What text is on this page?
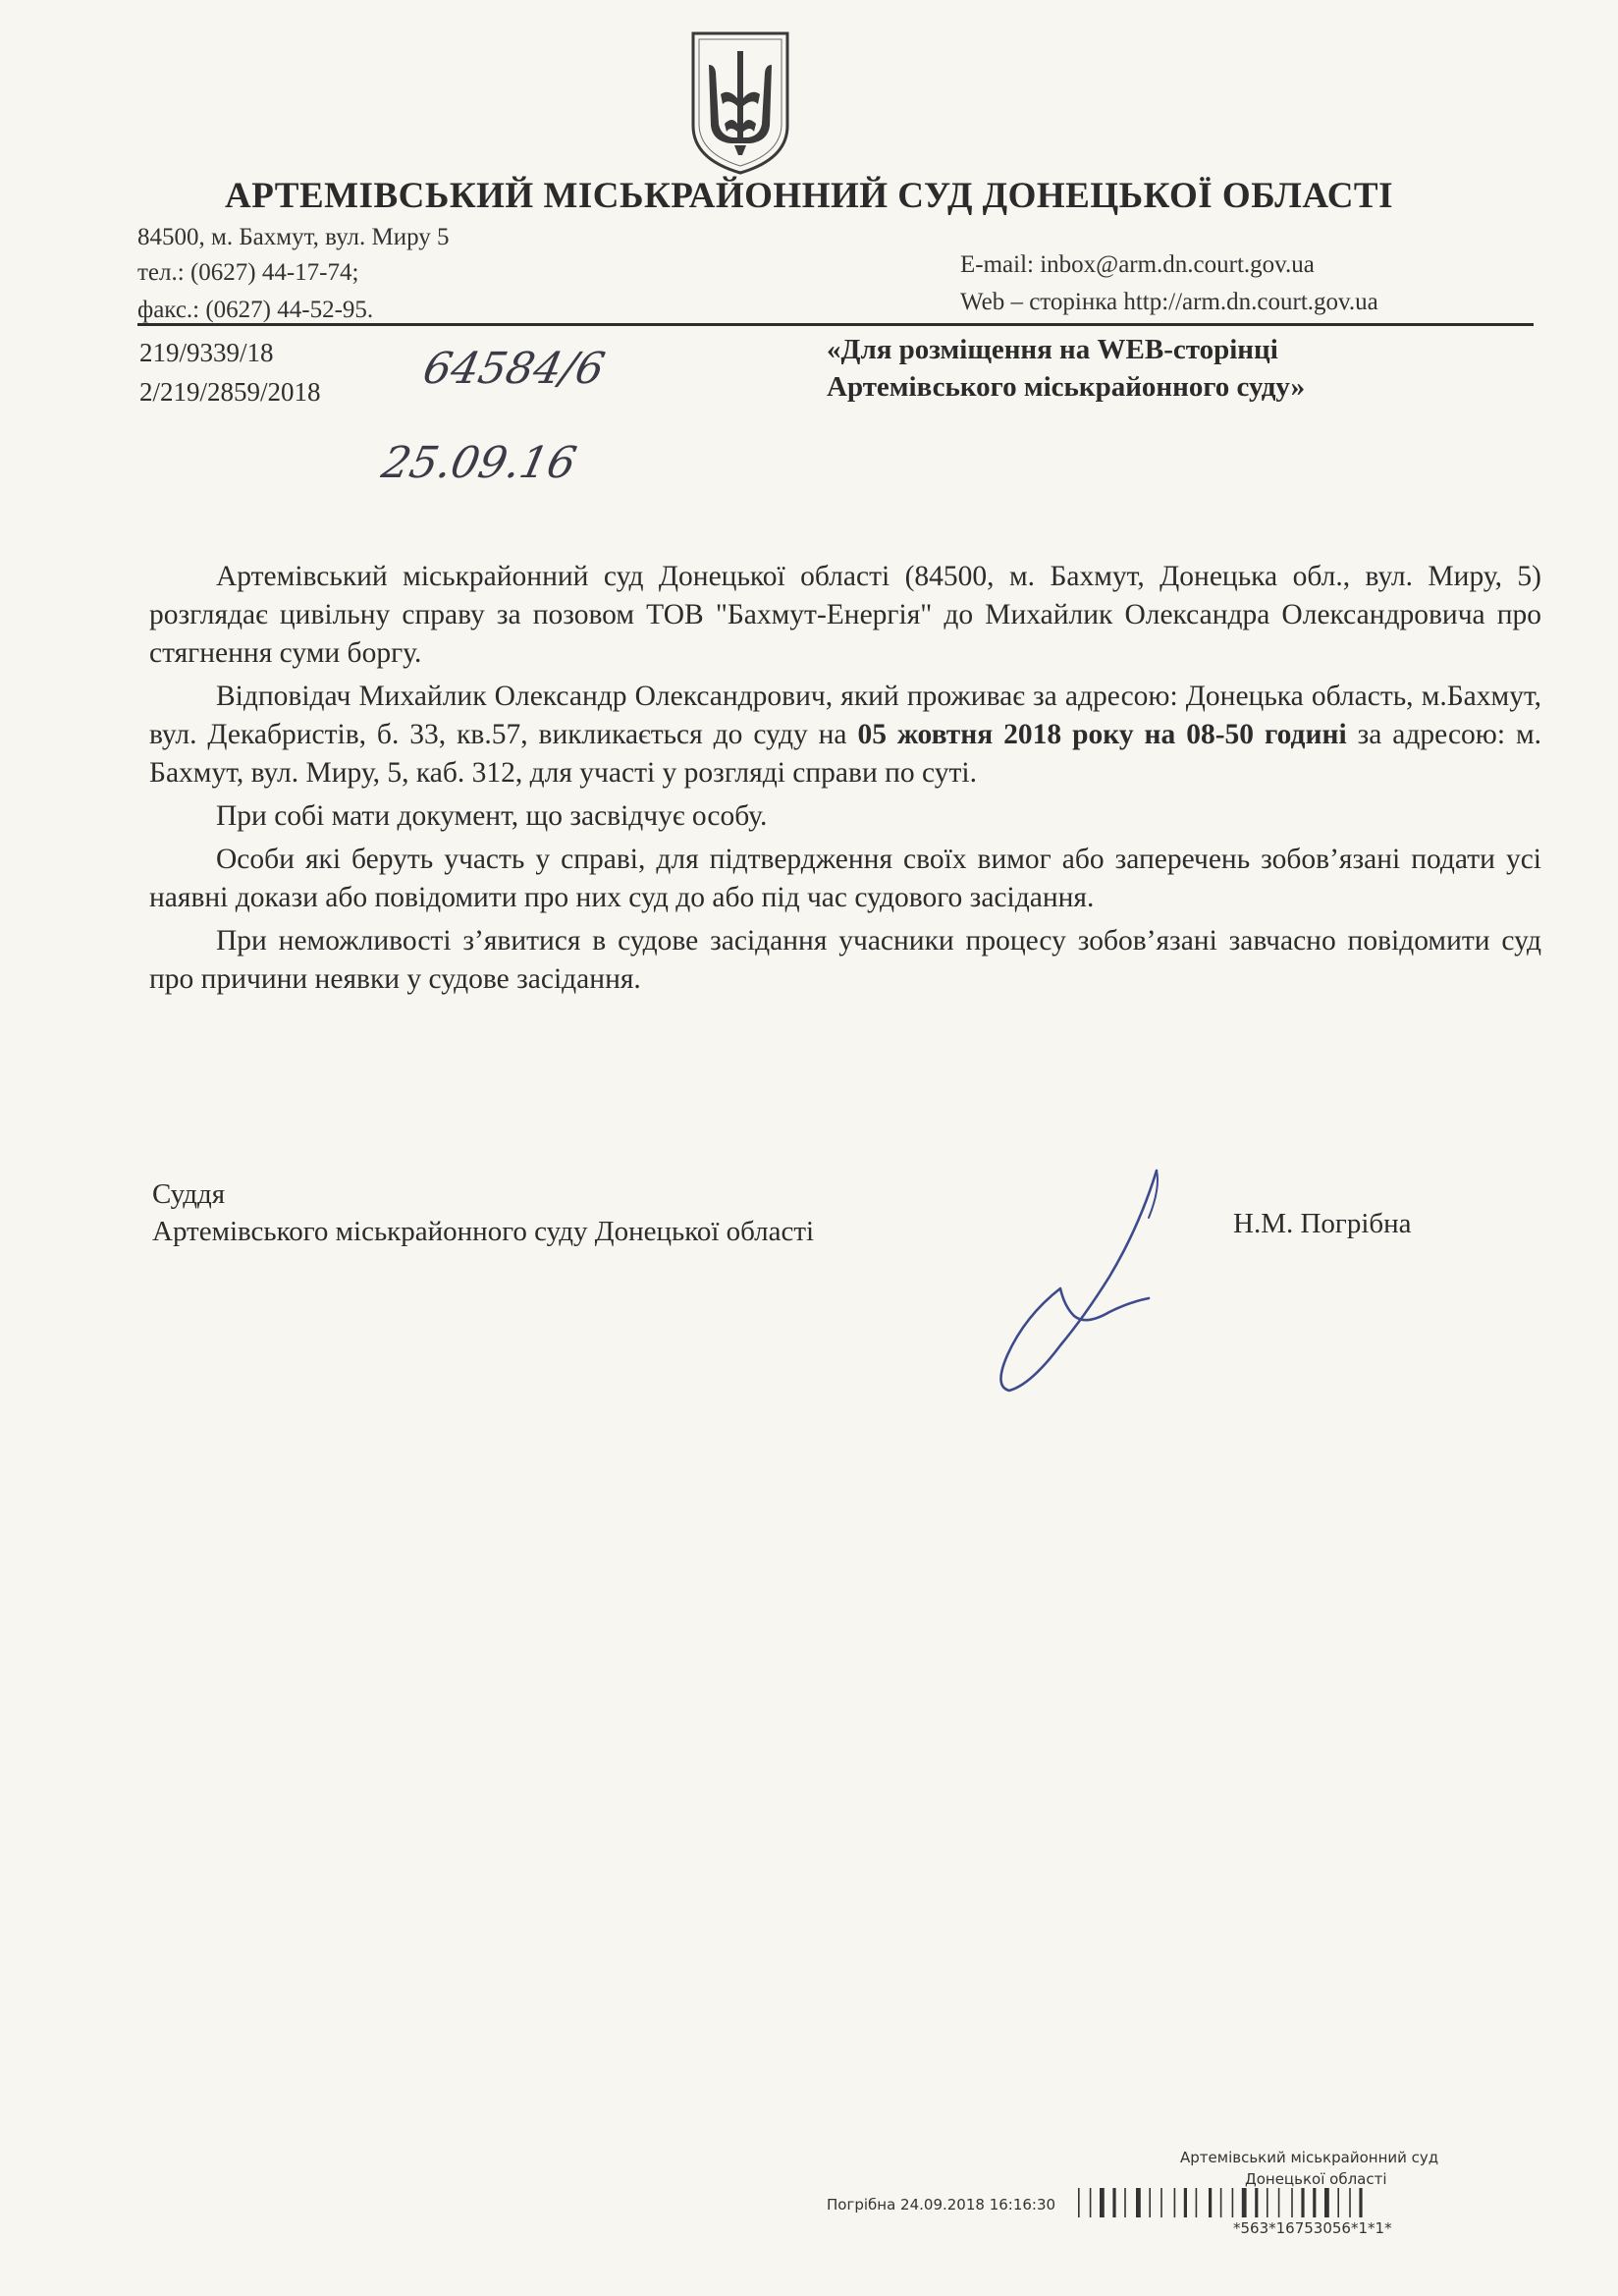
АРТЕМІВСЬКИЙ МІСЬКРАЙОННИЙ СУД ДОНЕЦЬКОЇ ОБЛАСТІ
84500, м. Бахмут, вул. Миру 5
тел.: (0627) 44-17-74;
факс.: (0627) 44-52-95.
E-mail: inbox@arm.dn.court.gov.ua
Web – сторінка http://arm.dn.court.gov.ua
219/9339/18
2/219/2859/2018 64584/6
25.09.16
«Для розміщення на WEB-сторінці
Артемівського міськрайонного суду»

Артемівський міськрайонний суд Донецької області (84500, м. Бахмут, Донецька обл., вул. Миру, 5) розглядає цивільну справу за позовом ТОВ "Бахмут-Енергія" до Михайлик Олександра Олександровича про стягнення суми боргу.

Відповідач Михайлик Олександр Олександрович, який проживає за адресою: Донецька область, м.Бахмут, вул. Декабристів, б. 33, кв.57, викликається до суду на 05 жовтня 2018 року на 08-50 годині за адресою: м. Бахмут, вул. Миру, 5, каб. 312, для участі у розгляді справи по суті.

При собі мати документ, що засвідчує особу.

Особи які беруть участь у справі, для підтвердження своїх вимог або заперечень зобов’язані подати усі наявні докази або повідомити про них суд до або під час судового засідання.

При неможливості з’явитися в судове засідання учасники процесу зобов’язані завчасно повідомити суд про причини неявки у судове засідання.

Суддя
Артемівського міськрайонного суду Донецької області	Н.М. Погрібна
Артемівський міськрайонний суд
Донецької області
Погрібна 24.09.2018 16:16:30
*563*16753056*1*1*
